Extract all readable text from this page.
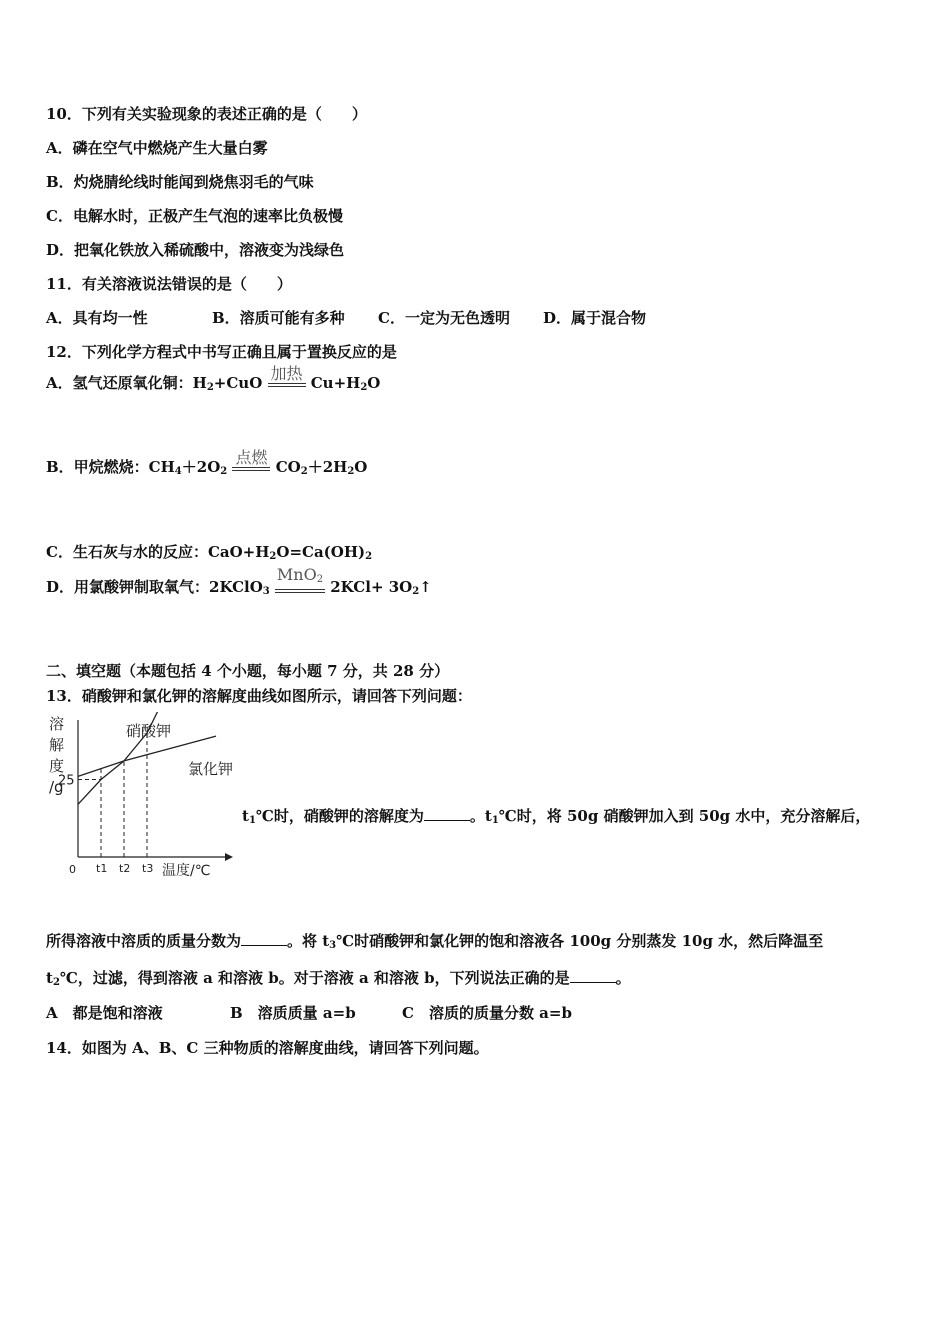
10．下列有关实验现象的表述正确的是（　　）
A．磷在空气中燃烧产生大量白雾
B．灼烧腈纶线时能闻到烧焦羽毛的气味
C．电解水时，正极产生气泡的速率比负极慢
D．把氧化铁放入稀硫酸中，溶液变为浅绿色
11．有关溶液说法错误的是（　　）
A．具有均一性	B．溶质可能有多种 C．一定为无色透明 D．属于混合物
12．下列化学方程式中书写正确且属于置换反应的是
A．氢气还原氧化铜：$H_2+CuO$
加热
$Cu+H_2O$
B．甲烷燃烧：$CH_4+2O_2$
点燃
$CO_2+2H_2O$
C．生石灰与水的反应：$CaO+H_2O=Ca(OH)_2$
D．用氯酸钾制取氧气：2KClO$_3$
MnO$_2$ $2KCl+ 3O_2↑$
二、填空题（本题包括 4 个小题，每小题 7 分，共 28 分）
13．硝酸钾和氯化钾的溶解度曲线如图所示，请回答下列问题：
溶
解
度
/g
0	温度/℃
25
t1 t2 t3
硝酸钾
氯化钾
$t_1℃$时，硝酸钾的溶解度为	。$t_1℃$时，将 50g 硝酸钾加入到 50g 水中，充分溶解后，
所得溶液中溶质的质量分数为	。将 $t_3℃$时硝酸钾和氯化钾的饱和溶液各 100g 分别蒸发 10g 水，然后降温至
$t_2℃$，过滤，得到溶液 a 和溶液 b。对于溶液 a 和溶液 b，下列说法正确的是	。
A　都是饱和溶液	B　溶质质量 a=b	C　溶质的质量分数 a=b
14．如图为 A、B、C 三种物质的溶解度曲线，请回答下列问题。
